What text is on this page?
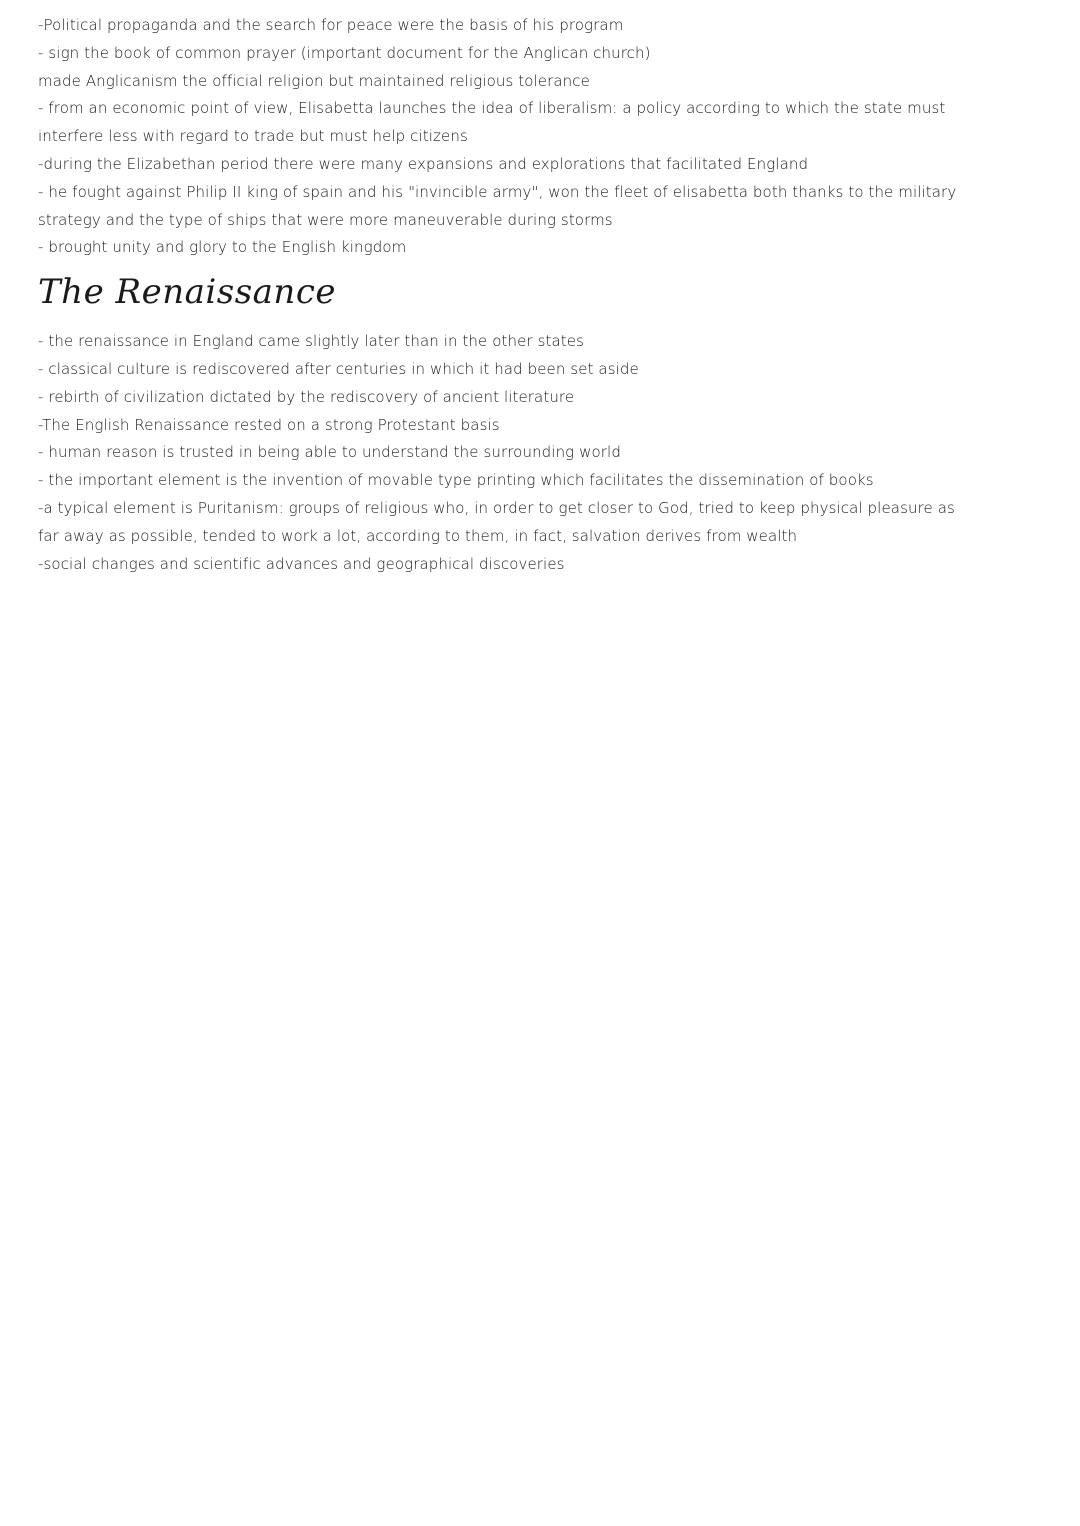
-Political propaganda and the search for peace were the basis of his program
- sign the book of common prayer (important document for the Anglican church)
made Anglicanism the official religion but maintained religious tolerance
- from an economic point of view, Elisabetta launches the idea of liberalism: a policy according to which the state must
interfere less with regard to trade but must help citizens
-during the Elizabethan period there were many expansions and explorations that facilitated England
- he fought against Philip II king of spain and his "invincible army", won the fleet of elisabetta both thanks to the military
strategy and the type of ships that were more maneuverable during storms
- brought unity and glory to the English kingdom
The Renaissance
- the renaissance in England came slightly later than in the other states
- classical culture is rediscovered after centuries in which it had been set aside
- rebirth of civilization dictated by the rediscovery of ancient literature
-The English Renaissance rested on a strong Protestant basis
- human reason is trusted in being able to understand the surrounding world
- the important element is the invention of movable type printing which facilitates the dissemination of books
-a typical element is Puritanism: groups of religious who, in order to get closer to God, tried to keep physical pleasure as
far away as possible, tended to work a lot, according to them, in fact, salvation derives from wealth
-social changes and scientific advances and geographical discoveries
